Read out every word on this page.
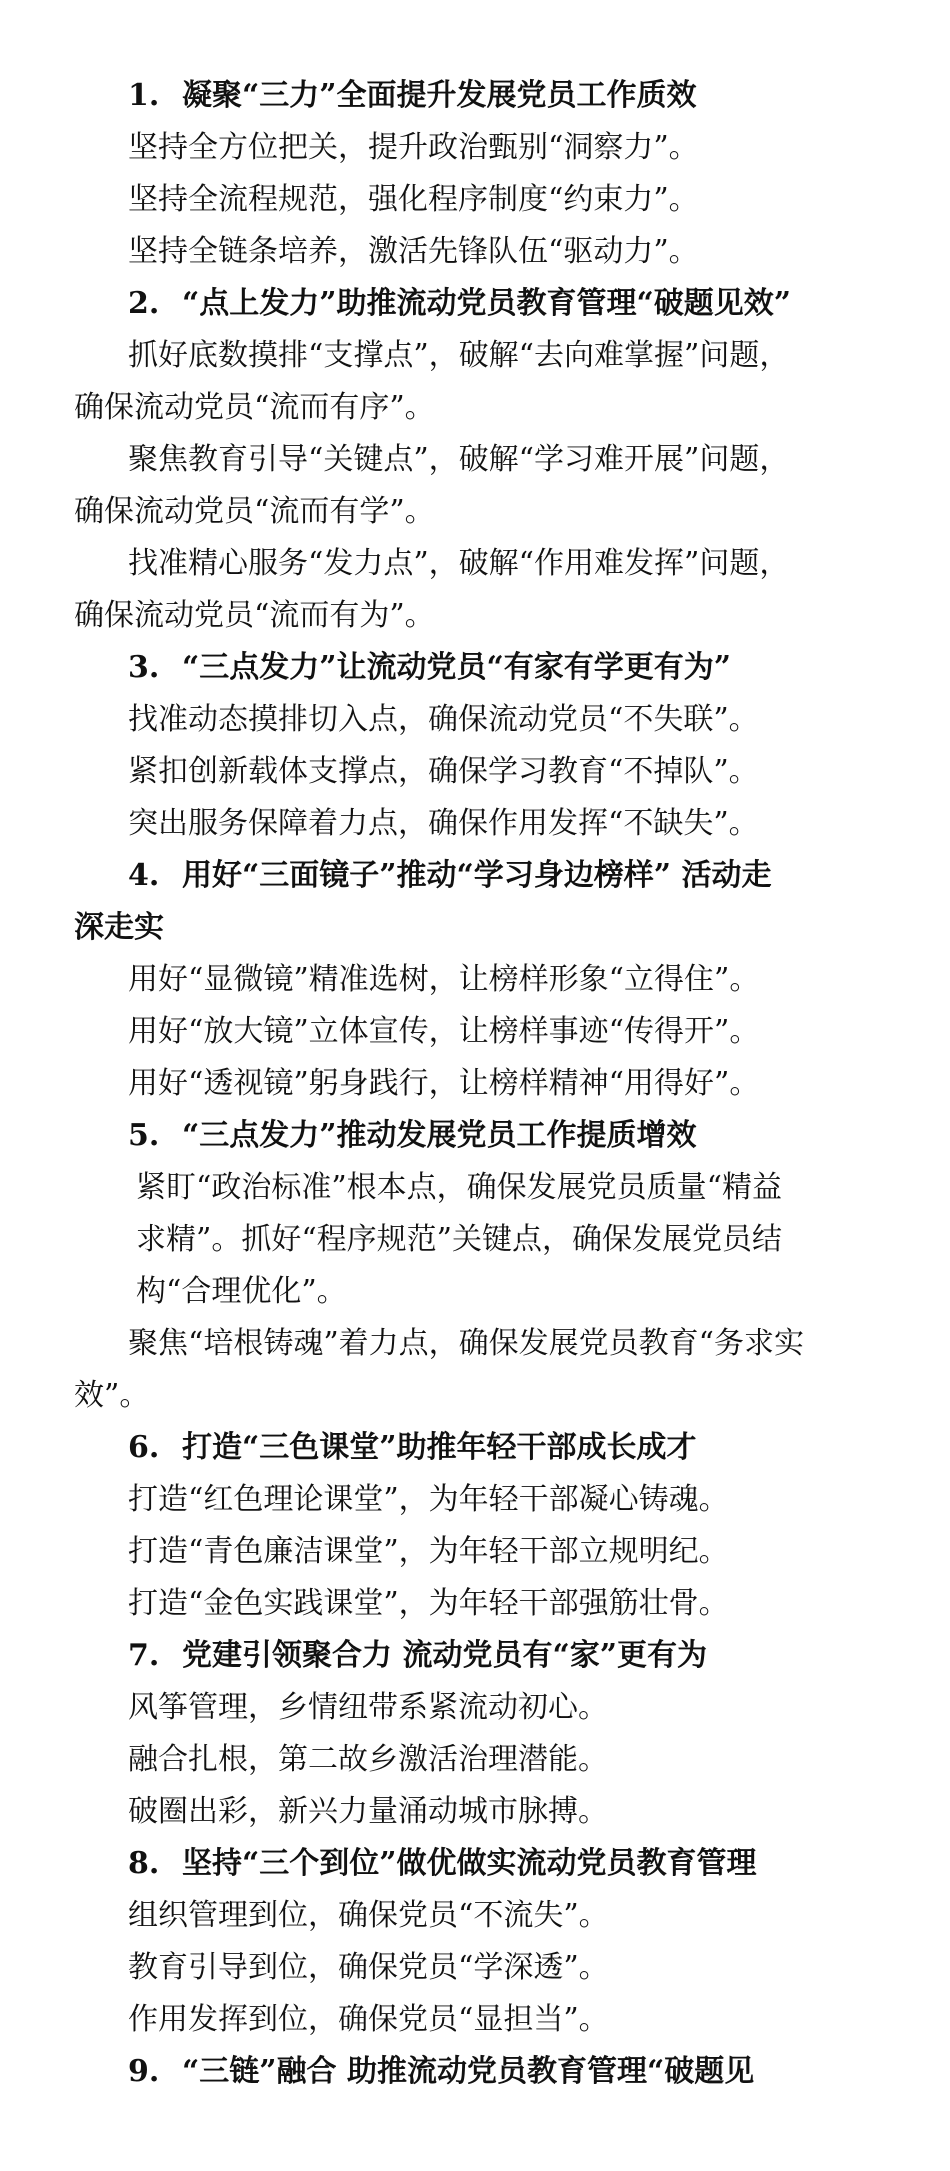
1. 凝聚“三力”全面提升发展党员工作质效
坚持全方位把关，提升政治甄别“洞察力”。
坚持全流程规范，强化程序制度“约束力”。
坚持全链条培养，激活先锋队伍“驱动力”。
2. “点上发力”助推流动党员教育管理“破题见效”
抓好底数摸排“支撑点”，破解“去向难掌握”问题，
确保流动党员“流而有序”。
聚焦教育引导“关键点”，破解“学习难开展”问题，
确保流动党员“流而有学”。
找准精心服务“发力点”，破解“作用难发挥”问题，
确保流动党员“流而有为”。
3. “三点发力”让流动党员“有家有学更有为”
找准动态摸排切入点，确保流动党员“不失联”。
紧扣创新载体支撑点，确保学习教育“不掉队”。
突出服务保障着力点，确保作用发挥“不缺失”。
4. 用好“三面镜子”推动“学习身边榜样” 活动走
深走实
用好“显微镜”精准选树，让榜样形象“立得住”。
用好“放大镜”立体宣传，让榜样事迹“传得开”。
用好“透视镜”躬身践行，让榜样精神“用得好”。
5. “三点发力”推动发展党员工作提质增效
紧盯“政治标准”根本点，确保发展党员质量“精益
求精”。抓好“程序规范”关键点，确保发展党员结
构“合理优化”。
聚焦“培根铸魂”着力点，确保发展党员教育“务求实
效”。
6. 打造“三色课堂”助推年轻干部成长成才
打造“红色理论课堂”，为年轻干部凝心铸魂。
打造“青色廉洁课堂”，为年轻干部立规明纪。
打造“金色实践课堂”，为年轻干部强筋壮骨。
7. 党建引领聚合力 流动党员有“家”更有为
风筝管理，乡情纽带系紧流动初心。
融合扎根，第二故乡激活治理潜能。
破圈出彩，新兴力量涌动城市脉搏。
8. 坚持“三个到位”做优做实流动党员教育管理
组织管理到位，确保党员“不流失”。
教育引导到位，确保党员“学深透”。
作用发挥到位，确保党员“显担当”。
9. “三链”融合 助推流动党员教育管理“破题见
